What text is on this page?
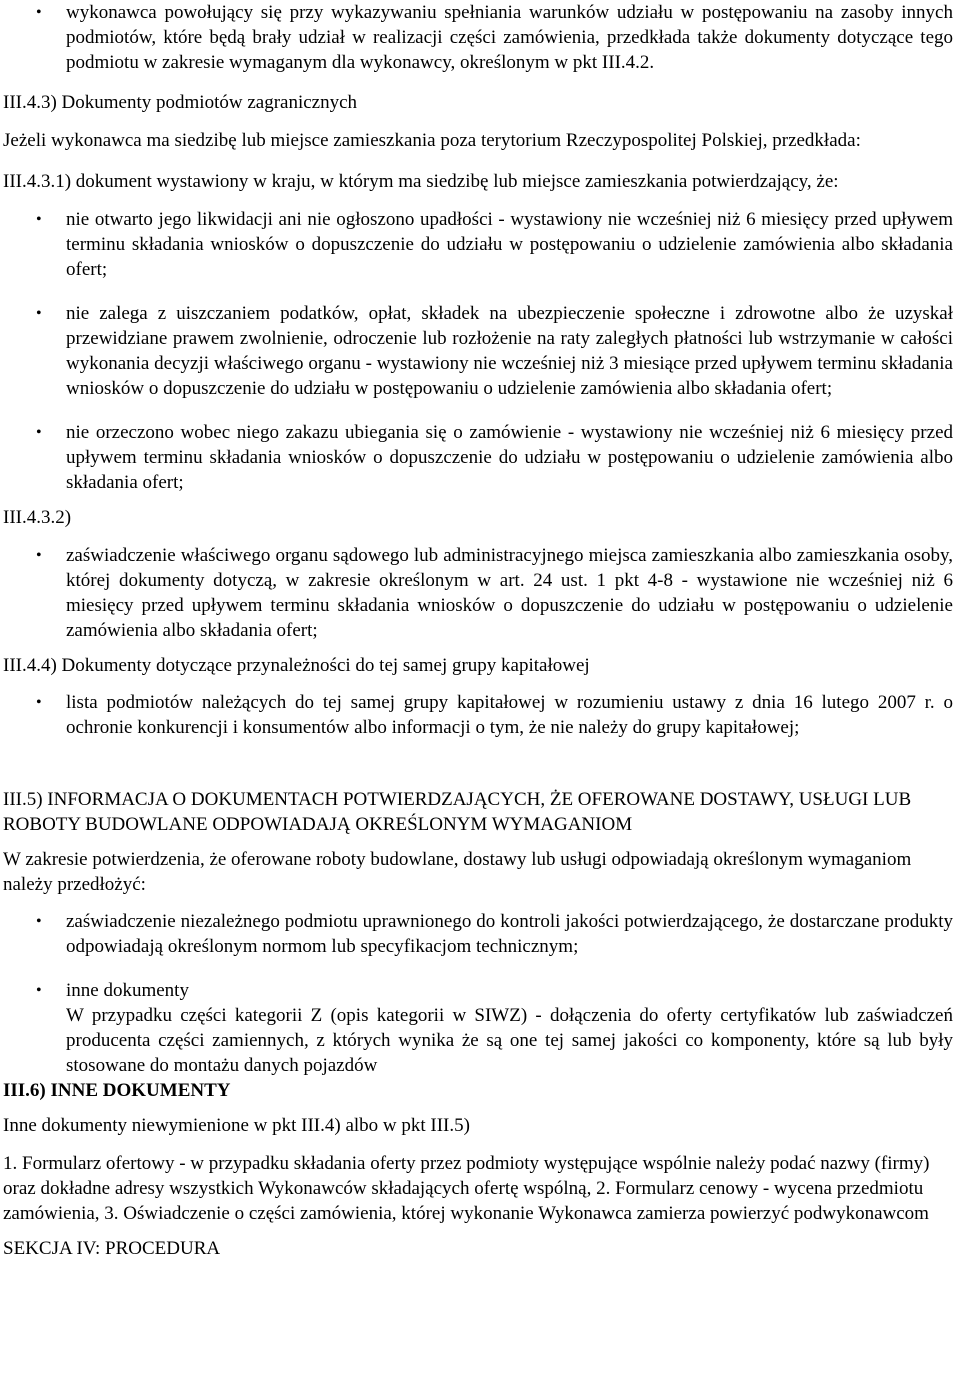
• wykonawca powołujący się przy wykazywaniu spełniania warunków udziału w postępowaniu na zasoby innych podmiotów, które będą brały udział w realizacji części zamówienia, przedkłada także dokumenty dotyczące tego podmiotu w zakresie wymaganym dla wykonawcy, określonym w pkt III.4.2.

III.4.3) Dokumenty podmiotów zagranicznych

Jeżeli wykonawca ma siedzibę lub miejsce zamieszkania poza terytorium Rzeczypospolitej Polskiej, przedkłada:

III.4.3.1) dokument wystawiony w kraju, w którym ma siedzibę lub miejsce zamieszkania potwierdzający, że:

• nie otwarto jego likwidacji ani nie ogłoszono upadłości - wystawiony nie wcześniej niż 6 miesięcy przed upływem terminu składania wniosków o dopuszczenie do udziału w postępowaniu o udzielenie zamówienia albo składania ofert;

• nie zalega z uiszczaniem podatków, opłat, składek na ubezpieczenie społeczne i zdrowotne albo że uzyskał przewidziane prawem zwolnienie, odroczenie lub rozłożenie na raty zaległych płatności lub wstrzymanie w całości wykonania decyzji właściwego organu - wystawiony nie wcześniej niż 3 miesiące przed upływem terminu składania wniosków o dopuszczenie do udziału w postępowaniu o udzielenie zamówienia albo składania ofert;

• nie orzeczono wobec niego zakazu ubiegania się o zamówienie - wystawiony nie wcześniej niż 6 miesięcy przed upływem terminu składania wniosków o dopuszczenie do udziału w postępowaniu o udzielenie zamówienia albo składania ofert;

III.4.3.2)

• zaświadczenie właściwego organu sądowego lub administracyjnego miejsca zamieszkania albo zamieszkania osoby, której dokumenty dotyczą, w zakresie określonym w art. 24 ust. 1 pkt 4-8 - wystawione nie wcześniej niż 6 miesięcy przed upływem terminu składania wniosków o dopuszczenie do udziału w postępowaniu o udzielenie zamówienia albo składania ofert;

III.4.4) Dokumenty dotyczące przynależności do tej samej grupy kapitałowej

• lista podmiotów należących do tej samej grupy kapitałowej w rozumieniu ustawy z dnia 16 lutego 2007 r. o ochronie konkurencji i konsumentów albo informacji o tym, że nie należy do grupy kapitałowej;

III.5) INFORMACJA O DOKUMENTACH POTWIERDZAJĄCYCH, ŻE OFEROWANE DOSTAWY, USŁUGI LUB ROBOTY BUDOWLANE ODPOWIADAJĄ OKREŚLONYM WYMAGANIOM

W zakresie potwierdzenia, że oferowane roboty budowlane, dostawy lub usługi odpowiadają określonym wymaganiom należy przedłożyć:

• zaświadczenie niezależnego podmiotu uprawnionego do kontroli jakości potwierdzającego, że dostarczane produkty odpowiadają określonym normom lub specyfikacjom technicznym;

• inne dokumenty
W przypadku części kategorii Z (opis kategorii w SIWZ) - dołączenia do oferty certyfikatów lub zaświadczeń producenta części zamiennych, z których wynika że są one tej samej jakości co komponenty, które są lub były stosowane do montażu danych pojazdów

III.6) INNE DOKUMENTY

Inne dokumenty niewymienione w pkt III.4) albo w pkt III.5)

1. Formularz ofertowy - w przypadku składania oferty przez podmioty występujące wspólnie należy podać nazwy (firmy) oraz dokładne adresy wszystkich Wykonawców składających ofertę wspólną, 2. Formularz cenowy - wycena przedmiotu zamówienia, 3. Oświadczenie o części zamówienia, której wykonanie Wykonawca zamierza powierzyć podwykonawcom

SEKCJA IV: PROCEDURA
